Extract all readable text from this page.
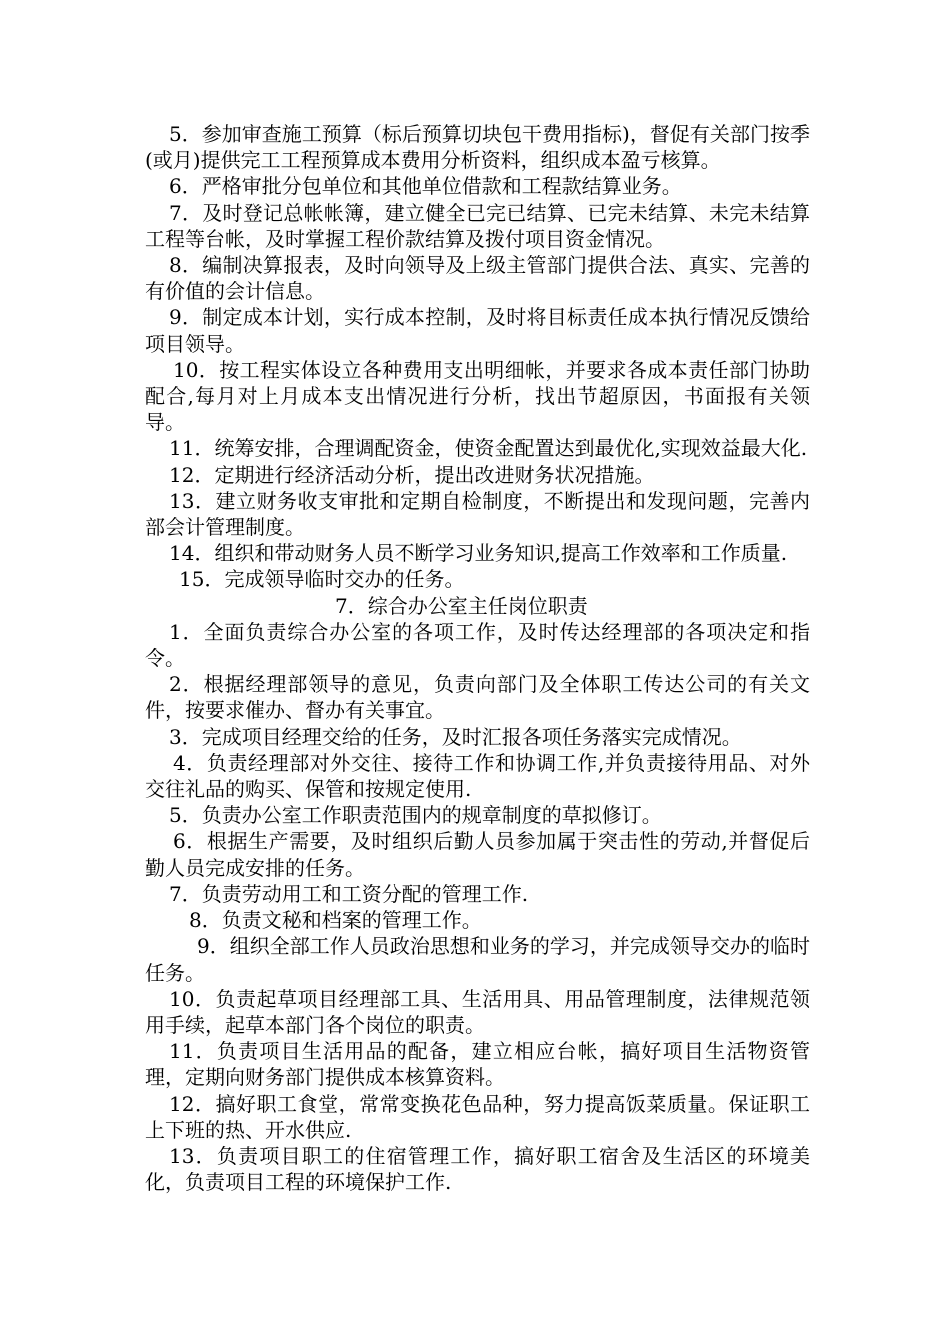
5．参加审查施工预算（标后预算切块包干费用指标)，督促有关部门按季(或月)提供完工工程预算成本费用分析资料，组织成本盈亏核算。

6．严格审批分包单位和其他单位借款和工程款结算业务。

7．及时登记总帐帐簿，建立健全已完已结算、已完未结算、未完未结算工程等台帐，及时掌握工程价款结算及拨付项目资金情况。

8．编制决算报表，及时向领导及上级主管部门提供合法、真实、完善的有价值的会计信息。

9．制定成本计划，实行成本控制，及时将目标责任成本执行情况反馈给项目领导。

10．按工程实体设立各种费用支出明细帐，并要求各成本责任部门协助配合,每月对上月成本支出情况进行分析，找出节超原因，书面报有关领导。

11．统筹安排，合理调配资金，使资金配置达到最优化,实现效益最大化.

12．定期进行经济活动分析，提出改进财务状况措施。

13．建立财务收支审批和定期自检制度，不断提出和发现问题，完善内部会计管理制度。

14．组织和带动财务人员不断学习业务知识,提高工作效率和工作质量.

15．完成领导临时交办的任务。

7．综合办公室主任岗位职责

1．全面负责综合办公室的各项工作，及时传达经理部的各项决定和指令。

2．根据经理部领导的意见，负责向部门及全体职工传达公司的有关文件，按要求催办、督办有关事宜。

3．完成项目经理交给的任务，及时汇报各项任务落实完成情况。

4．负责经理部对外交往、接待工作和协调工作,并负责接待用品、对外交往礼品的购买、保管和按规定使用.

5．负责办公室工作职责范围内的规章制度的草拟修订。

6．根据生产需要，及时组织后勤人员参加属于突击性的劳动,并督促后勤人员完成安排的任务。

7．负责劳动用工和工资分配的管理工作.

8．负责文秘和档案的管理工作。

9．组织全部工作人员政治思想和业务的学习，并完成领导交办的临时任务。

10．负责起草项目经理部工具、生活用具、用品管理制度，法律规范领用手续，起草本部门各个岗位的职责。

11．负责项目生活用品的配备，建立相应台帐，搞好项目生活物资管理，定期向财务部门提供成本核算资料。

12．搞好职工食堂，常常变换花色品种，努力提高饭菜质量。保证职工上下班的热、开水供应.

13．负责项目职工的住宿管理工作，搞好职工宿舍及生活区的环境美化，负责项目工程的环境保护工作.
